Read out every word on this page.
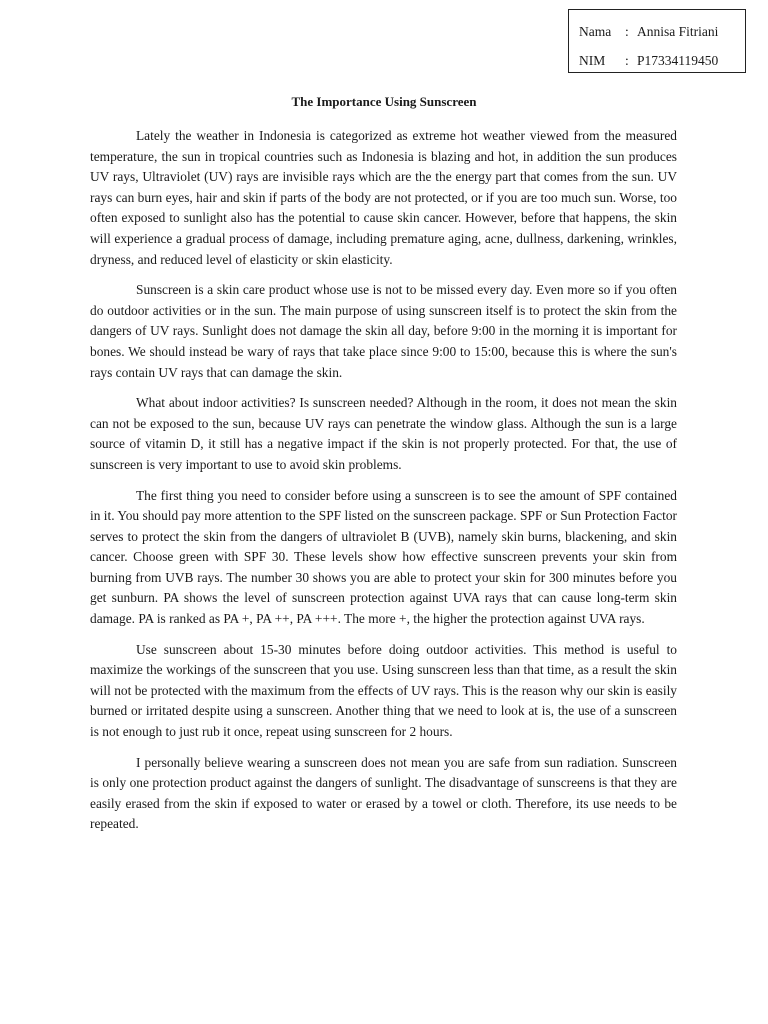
Nama	: Annisa Fitriani
NIM	: P17334119450
The Importance Using Sunscreen

Lately the weather in Indonesia is categorized as extreme hot weather viewed from the measured temperature, the sun in tropical countries such as Indonesia is blazing and hot, in addition the sun produces UV rays, Ultraviolet (UV) rays are invisible rays which are the the energy part that comes from the sun. UV rays can burn eyes, hair and skin if parts of the body are not protected, or if you are too much sun. Worse, too often exposed to sunlight also has the potential to cause skin cancer. However, before that happens, the skin will experience a gradual process of damage, including premature aging, acne, dullness, darkening, wrinkles, dryness, and reduced level of elasticity or skin elasticity.

Sunscreen is a skin care product whose use is not to be missed every day. Even more so if you often do outdoor activities or in the sun. The main purpose of using sunscreen itself is to protect the skin from the dangers of UV rays. Sunlight does not damage the skin all day, before 9:00 in the morning it is important for bones. We should instead be wary of rays that take place since 9:00 to 15:00, because this is where the sun's rays contain UV rays that can damage the skin.

What about indoor activities? Is sunscreen needed? Although in the room, it does not mean the skin can not be exposed to the sun, because UV rays can penetrate the window glass. Although the sun is a large source of vitamin D, it still has a negative impact if the skin is not properly protected. For that, the use of sunscreen is very important to use to avoid skin problems.

The first thing you need to consider before using a sunscreen is to see the amount of SPF contained in it. You should pay more attention to the SPF listed on the sunscreen package. SPF or Sun Protection Factor serves to protect the skin from the dangers of ultraviolet B (UVB), namely skin burns, blackening, and skin cancer. Choose green with SPF 30. These levels show how effective sunscreen prevents your skin from burning from UVB rays. The number 30 shows you are able to protect your skin for 300 minutes before you get sunburn. PA shows the level of sunscreen protection against UVA rays that can cause long-term skin damage. PA is ranked as PA +, PA ++, PA +++. The more +, the higher the protection against UVA rays.

Use sunscreen about 15-30 minutes before doing outdoor activities. This method is useful to maximize the workings of the sunscreen that you use. Using sunscreen less than that time, as a result the skin will not be protected with the maximum from the effects of UV rays. This is the reason why our skin is easily burned or irritated despite using a sunscreen. Another thing that we need to look at is, the use of a sunscreen is not enough to just rub it once, repeat using sunscreen for 2 hours.

I personally believe wearing a sunscreen does not mean you are safe from sun radiation. Sunscreen is only one protection product against the dangers of sunlight. The disadvantage of sunscreens is that they are easily erased from the skin if exposed to water or erased by a towel or cloth. Therefore, its use needs to be repeated.
